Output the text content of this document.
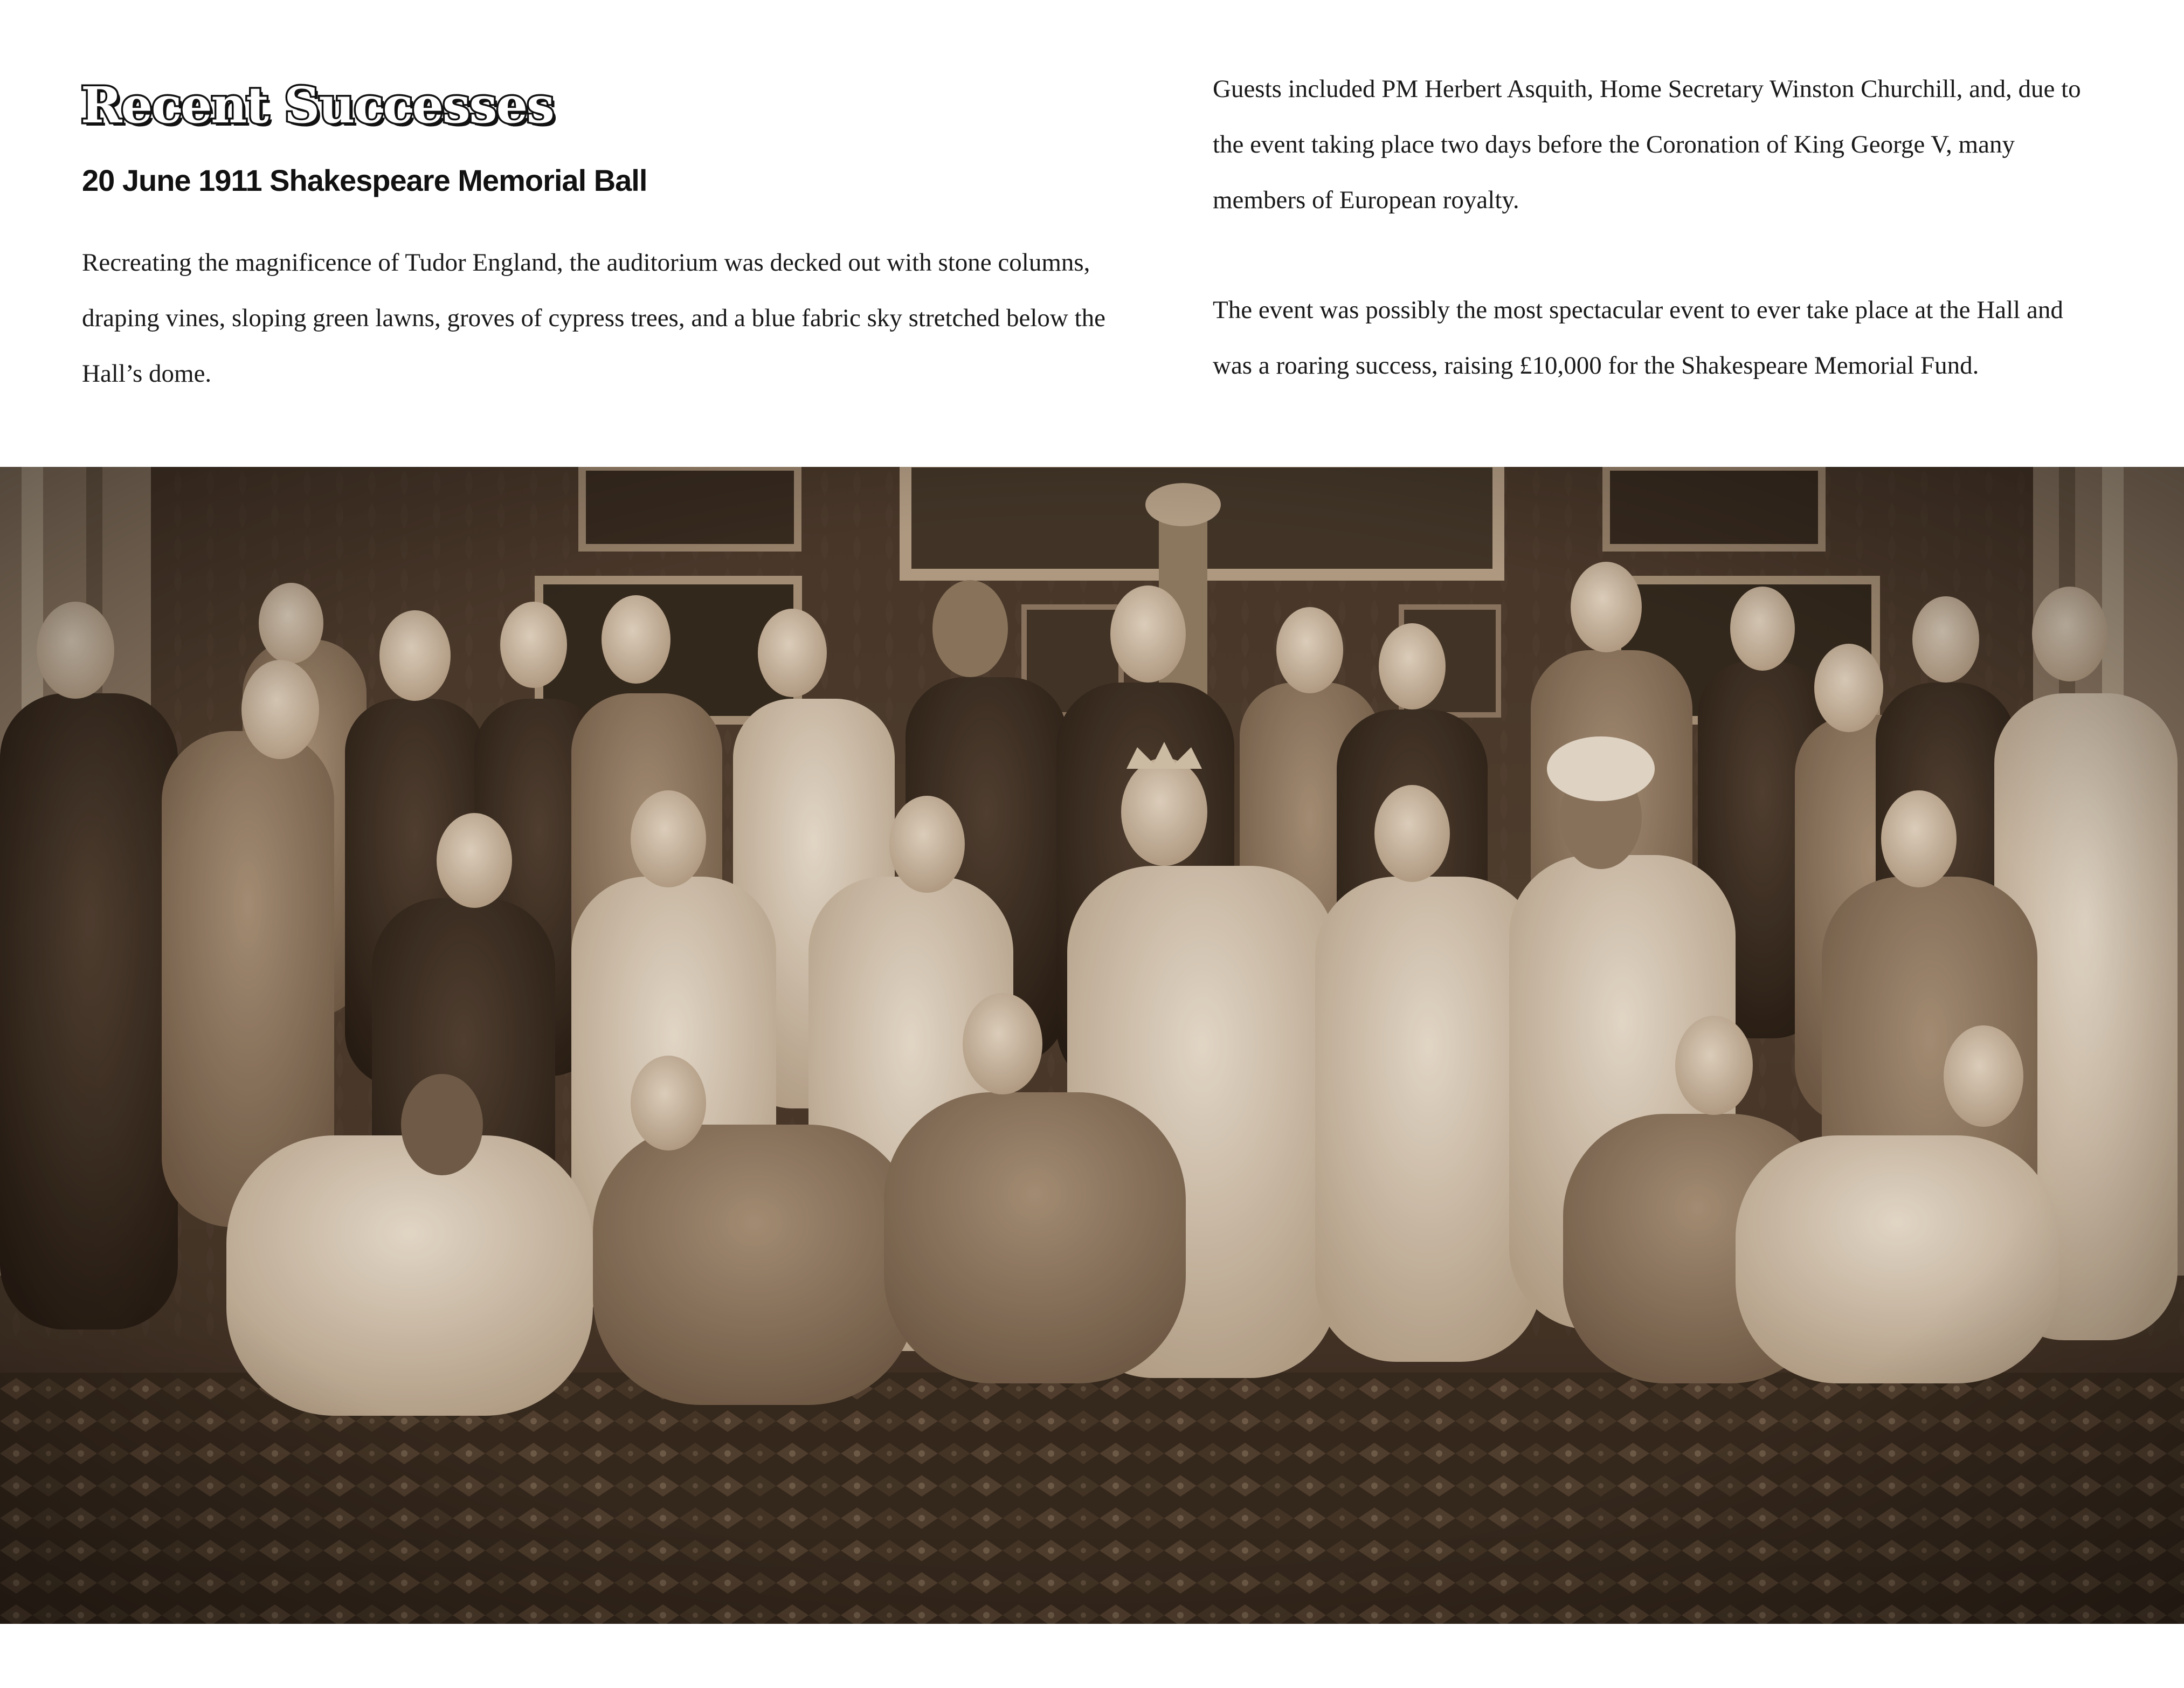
Recent Successes
20 June 1911 Shakespeare Memorial Ball

Recreating the magnificence of Tudor England, the auditorium was decked out with stone columns, draping vines, sloping green lawns, groves of cypress trees, and a blue fabric sky stretched below the Hall’s dome.

Guests included PM Herbert Asquith, Home Secretary Winston Churchill, and, due to the event taking place two days before the Coronation of King George V, many members of European royalty.

The event was possibly the most spectacular event to ever take place at the Hall and was a roaring success, raising £10,000 for the Shakespeare Memorial Fund.
